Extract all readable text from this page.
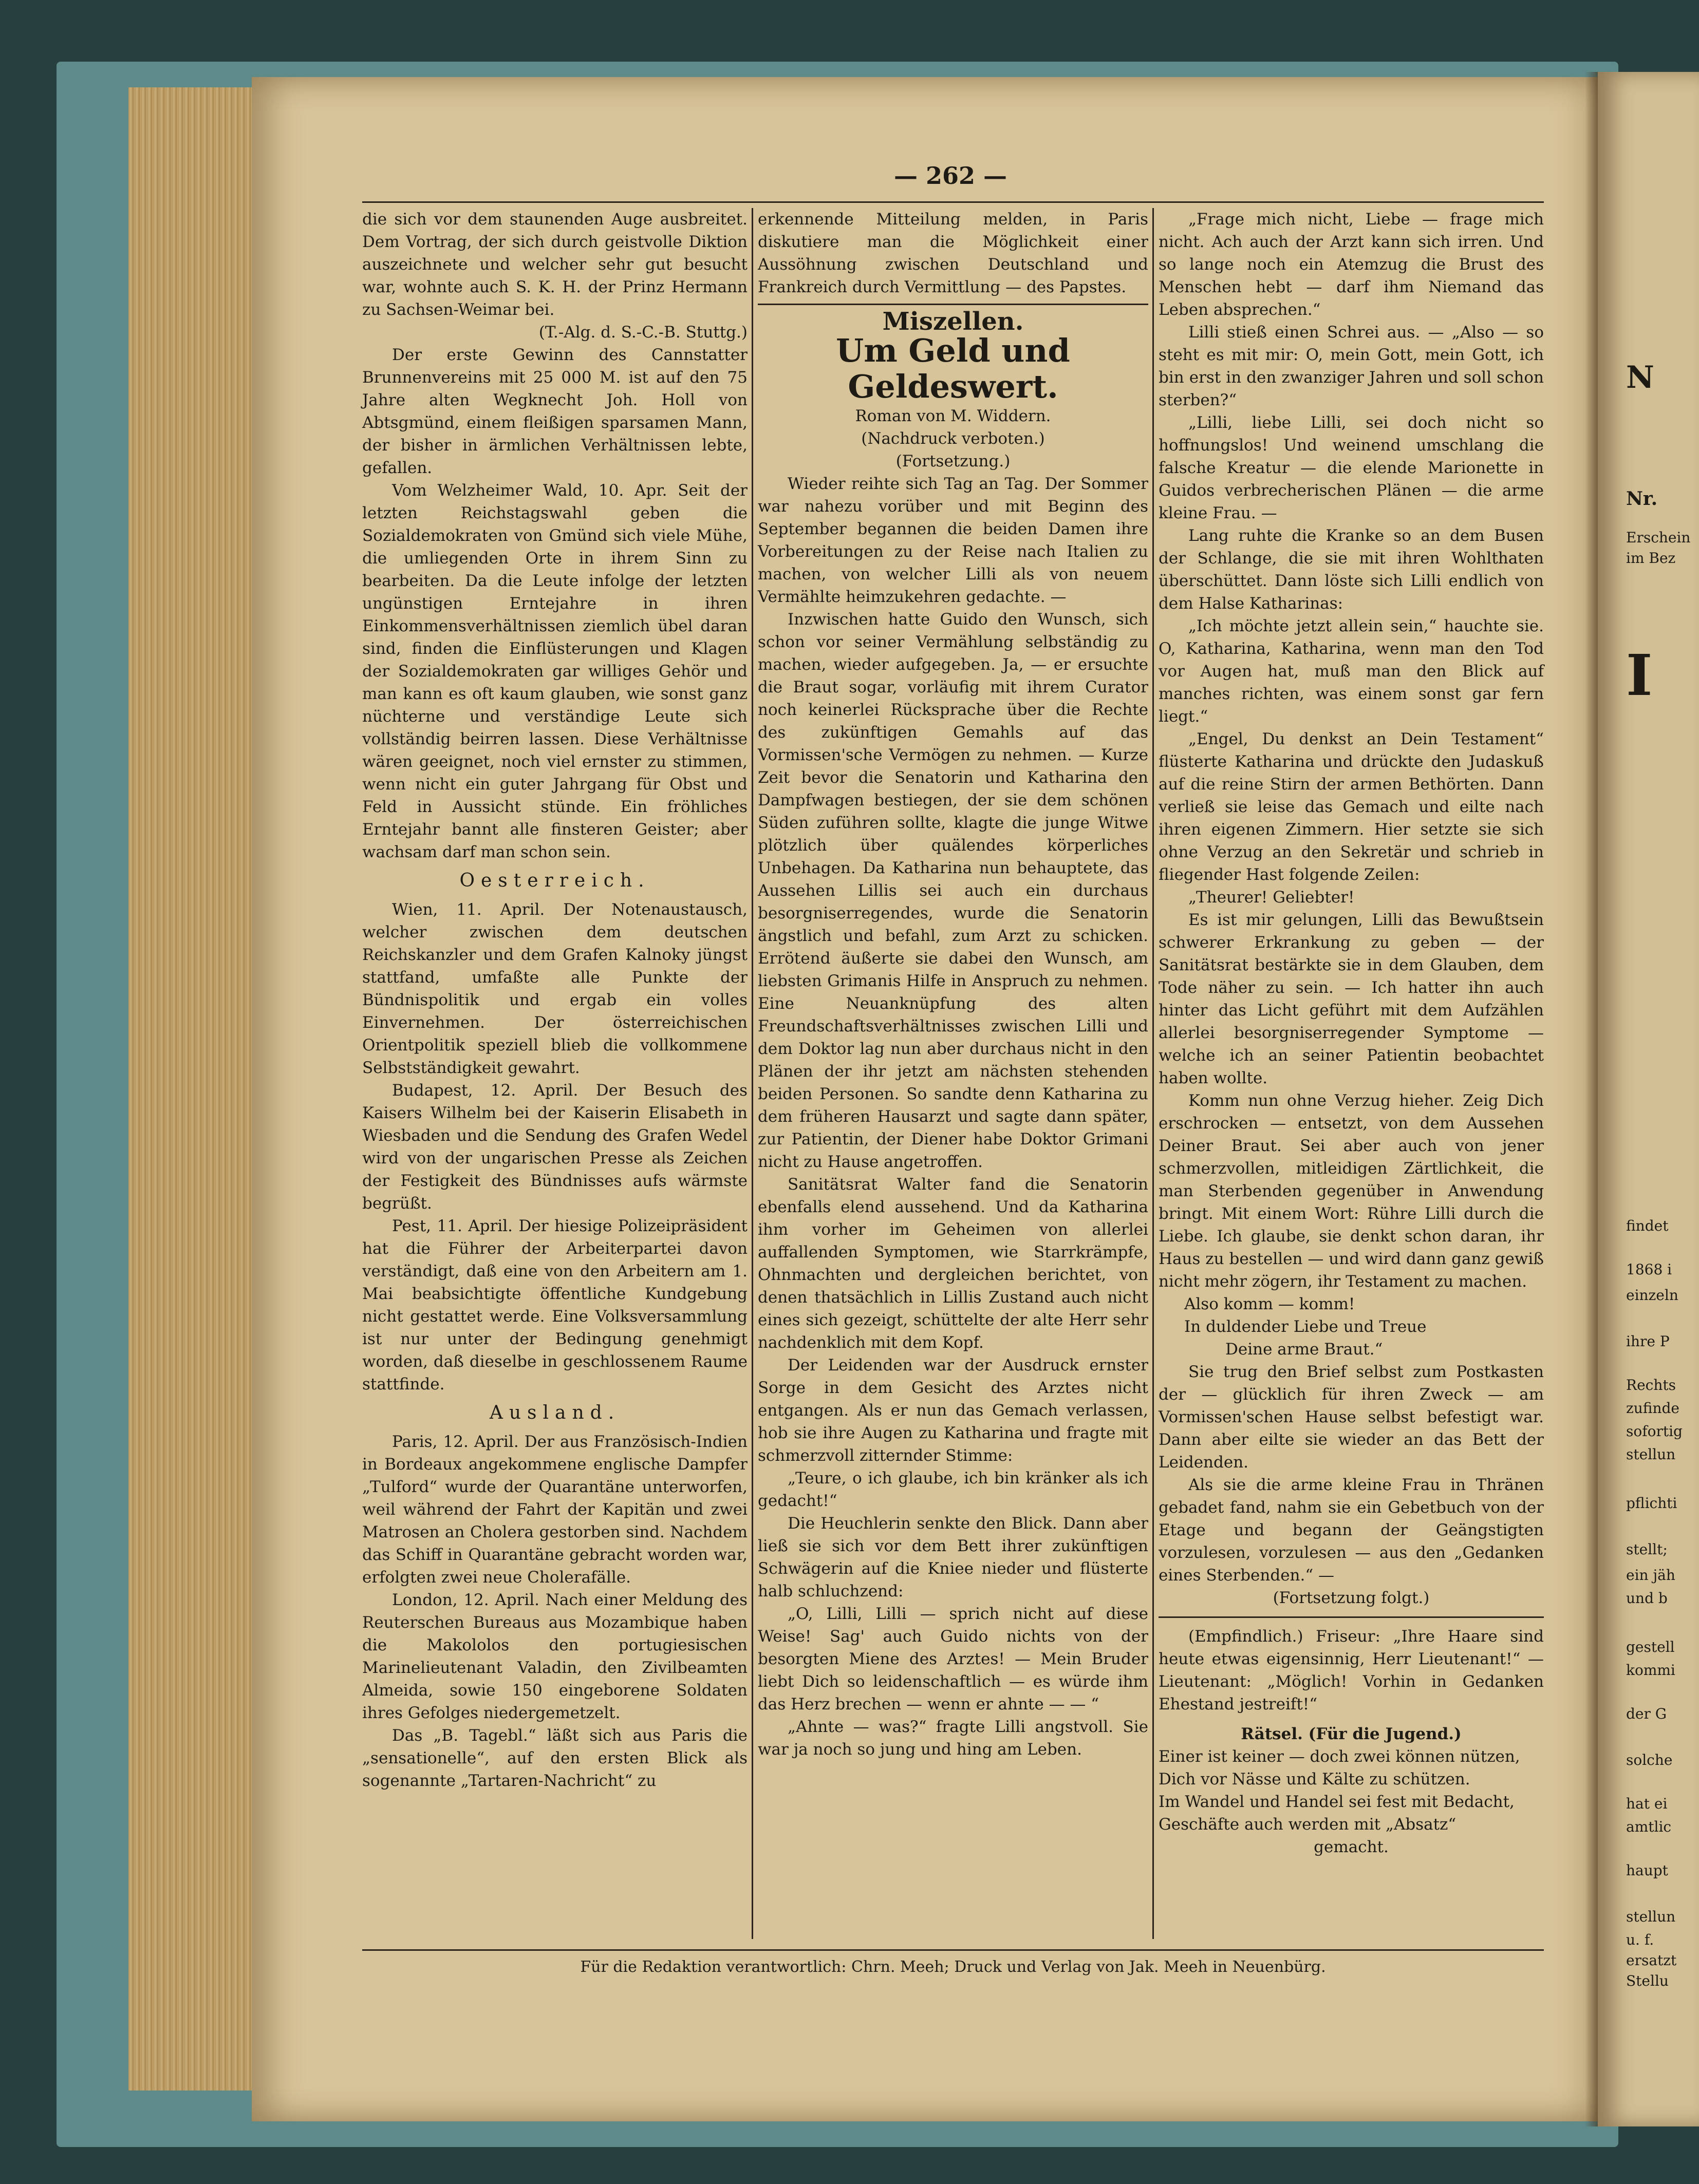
— 262 —

die sich vor dem staunenden Auge ausbreitet. Dem Vortrag, der sich durch geistvolle Diktion auszeichnete und welcher sehr gut besucht war, wohnte auch S. K. H. der Prinz Hermann zu Sachsen-Weimar bei.

(T.-Alg. d. S.-C.-B. Stuttg.)

Der erste Gewinn des Cannstatter Brunnenvereins mit 25 000 M. ist auf den 75 Jahre alten Wegknecht Joh. Holl von Abtsgmünd, einem fleißigen sparsamen Mann, der bisher in ärmlichen Verhältnissen lebte, gefallen.

Vom Welzheimer Wald, 10. Apr. Seit der letzten Reichstagswahl geben die Sozialdemokraten von Gmünd sich viele Mühe, die umliegenden Orte in ihrem Sinn zu bearbeiten. Da die Leute infolge der letzten ungünstigen Erntejahre in ihren Einkommensverhältnissen ziemlich übel daran sind, finden die Einflüsterungen und Klagen der Sozialdemokraten gar williges Gehör und man kann es oft kaum glauben, wie sonst ganz nüchterne und verständige Leute sich vollständig beirren lassen. Diese Verhältnisse wären geeignet, noch viel ernster zu stimmen, wenn nicht ein guter Jahrgang für Obst und Feld in Aussicht stünde. Ein fröhliches Erntejahr bannt alle finsteren Geister; aber wachsam darf man schon sein.

Oesterreich.

Wien, 11. April. Der Notenaustausch, welcher zwischen dem deutschen Reichskanzler und dem Grafen Kalnoky jüngst stattfand, umfaßte alle Punkte der Bündnispolitik und ergab ein volles Einvernehmen. Der österreichischen Orientpolitik speziell blieb die vollkommene Selbstständigkeit gewahrt.

Budapest, 12. April. Der Besuch des Kaisers Wilhelm bei der Kaiserin Elisabeth in Wiesbaden und die Sendung des Grafen Wedel wird von der ungarischen Presse als Zeichen der Festigkeit des Bündnisses aufs wärmste begrüßt.

Pest, 11. April. Der hiesige Polizeipräsident hat die Führer der Arbeiterpartei davon verständigt, daß eine von den Arbeitern am 1. Mai beabsichtigte öffentliche Kundgebung nicht gestattet werde. Eine Volksversammlung ist nur unter der Bedingung genehmigt worden, daß dieselbe in geschlossenem Raume stattfinde.

Ausland.

Paris, 12. April. Der aus Französisch-Indien in Bordeaux angekommene englische Dampfer „Tulford“ wurde der Quarantäne unterworfen, weil während der Fahrt der Kapitän und zwei Matrosen an Cholera gestorben sind. Nachdem das Schiff in Quarantäne gebracht worden war, erfolgten zwei neue Cholerafälle.

London, 12. April. Nach einer Meldung des Reuterschen Bureaus aus Mozambique haben die Makololos den portugiesischen Marinelieutenant Valadin, den Zivilbeamten Almeida, sowie 150 eingeborene Soldaten ihres Gefolges niedergemetzelt.

Das „B. Tagebl.“ läßt sich aus Paris die „sensationelle“, auf den ersten Blick als sogenannte „Tartaren-Nachricht“ zu

erkennende Mitteilung melden, in Paris diskutiere man die Möglichkeit einer Aussöhnung zwischen Deutschland und Frankreich durch Vermittlung — des Papstes.

Miszellen.

Um Geld und Geldeswert.

Roman von M. Widdern.

(Nachdruck verboten.)

(Fortsetzung.)

Wieder reihte sich Tag an Tag. Der Sommer war nahezu vorüber und mit Beginn des September begannen die beiden Damen ihre Vorbereitungen zu der Reise nach Italien zu machen, von welcher Lilli als von neuem Vermählte heimzukehren gedachte. —

Inzwischen hatte Guido den Wunsch, sich schon vor seiner Vermählung selbständig zu machen, wieder aufgegeben. Ja, — er ersuchte die Braut sogar, vorläufig mit ihrem Curator noch keinerlei Rücksprache über die Rechte des zukünftigen Gemahls auf das Vormissen'sche Vermögen zu nehmen. — Kurze Zeit bevor die Senatorin und Katharina den Dampfwagen bestiegen, der sie dem schönen Süden zuführen sollte, klagte die junge Witwe plötzlich über quälendes körperliches Unbehagen. Da Katharina nun behauptete, das Aussehen Lillis sei auch ein durchaus besorgniserregendes, wurde die Senatorin ängstlich und befahl, zum Arzt zu schicken. Errötend äußerte sie dabei den Wunsch, am liebsten Grimanis Hilfe in Anspruch zu nehmen. Eine Neuanknüpfung des alten Freundschaftsverhältnisses zwischen Lilli und dem Doktor lag nun aber durchaus nicht in den Plänen der ihr jetzt am nächsten stehenden beiden Personen. So sandte denn Katharina zu dem früheren Hausarzt und sagte dann später, zur Patientin, der Diener habe Doktor Grimani nicht zu Hause angetroffen.

Sanitätsrat Walter fand die Senatorin ebenfalls elend aussehend. Und da Katharina ihm vorher im Geheimen von allerlei auffallenden Symptomen, wie Starrkrämpfe, Ohnmachten und dergleichen berichtet, von denen thatsächlich in Lillis Zustand auch nicht eines sich gezeigt, schüttelte der alte Herr sehr nachdenklich mit dem Kopf.

Der Leidenden war der Ausdruck ernster Sorge in dem Gesicht des Arztes nicht entgangen. Als er nun das Gemach verlassen, hob sie ihre Augen zu Katharina und fragte mit schmerzvoll zitternder Stimme:

„Teure, o ich glaube, ich bin kränker als ich gedacht!“

Die Heuchlerin senkte den Blick. Dann aber ließ sie sich vor dem Bett ihrer zukünftigen Schwägerin auf die Kniee nieder und flüsterte halb schluchzend:

„O, Lilli, Lilli — sprich nicht auf diese Weise! Sag' auch Guido nichts von der besorgten Miene des Arztes! — Mein Bruder liebt Dich so leidenschaftlich — es würde ihm das Herz brechen — wenn er ahnte — — “

„Ahnte — was?“ fragte Lilli angstvoll. Sie war ja noch so jung und hing am Leben.

„Frage mich nicht, Liebe — frage mich nicht. Ach auch der Arzt kann sich irren. Und so lange noch ein Atemzug die Brust des Menschen hebt — darf ihm Niemand das Leben absprechen.“

Lilli stieß einen Schrei aus. — „Also — so steht es mit mir: O, mein Gott, mein Gott, ich bin erst in den zwanziger Jahren und soll schon sterben?“

„Lilli, liebe Lilli, sei doch nicht so hoffnungslos! Und weinend umschlang die falsche Kreatur — die elende Marionette in Guidos verbrecherischen Plänen — die arme kleine Frau. —

Lang ruhte die Kranke so an dem Busen der Schlange, die sie mit ihren Wohlthaten überschüttet. Dann löste sich Lilli endlich von dem Halse Katharinas:

„Ich möchte jetzt allein sein,“ hauchte sie. O, Katharina, Katharina, wenn man den Tod vor Augen hat, muß man den Blick auf manches richten, was einem sonst gar fern liegt.“

„Engel, Du denkst an Dein Testament“ flüsterte Katharina und drückte den Judaskuß auf die reine Stirn der armen Bethörten. Dann verließ sie leise das Gemach und eilte nach ihren eigenen Zimmern. Hier setzte sie sich ohne Verzug an den Sekretär und schrieb in fliegender Hast folgende Zeilen:

„Theurer! Geliebter!

Es ist mir gelungen, Lilli das Bewußtsein schwerer Erkrankung zu geben — der Sanitätsrat bestärkte sie in dem Glauben, dem Tode näher zu sein. — Ich hatter ihn auch hinter das Licht geführt mit dem Aufzählen allerlei besorgniserregender Symptome — welche ich an seiner Patientin beobachtet haben wollte.

Komm nun ohne Verzug hieher. Zeig Dich erschrocken — entsetzt, von dem Aussehen Deiner Braut. Sei aber auch von jener schmerzvollen, mitleidigen Zärtlichkeit, die man Sterbenden gegenüber in Anwendung bringt. Mit einem Wort: Rühre Lilli durch die Liebe. Ich glaube, sie denkt schon daran, ihr Haus zu bestellen — und wird dann ganz gewiß nicht mehr zögern, ihr Testament zu machen.

Also komm — komm!

In duldender Liebe und Treue

Deine arme Braut.“

Sie trug den Brief selbst zum Postkasten der — glücklich für ihren Zweck — am Vormissen'schen Hause selbst befestigt war. Dann aber eilte sie wieder an das Bett der Leidenden.

Als sie die arme kleine Frau in Thränen gebadet fand, nahm sie ein Gebetbuch von der Etage und begann der Geängstigten vorzulesen, vorzulesen — aus den „Gedanken eines Sterbenden.“ —

(Fortsetzung folgt.)

(Empfindlich.) Friseur: „Ihre Haare sind heute etwas eigensinnig, Herr Lieutenant!“ — Lieutenant: „Möglich! Vorhin in Gedanken Ehestand jestreift!“

Rätsel. (Für die Jugend.)

Einer ist keiner — doch zwei können nützen,

Dich vor Nässe und Kälte zu schützen.

Im Wandel und Handel sei fest mit Bedacht,

Geschäfte auch werden mit „Absatz“

gemacht.

Für die Redaktion verantwortlich: Chrn. Meeh; Druck und Verlag von Jak. Meeh in Neuenbürg.
N
Nr.
Erschein
im Bez
I
findet
1868 i
einzeln
ihre P
Rechts
zufinde
sofortig
stellun
pflichti
stellt;
ein jäh
und b
gestell
kommi
der G
solche
hat ei
amtlic
haupt
stellun
u. f.
ersatzt
Stellu
